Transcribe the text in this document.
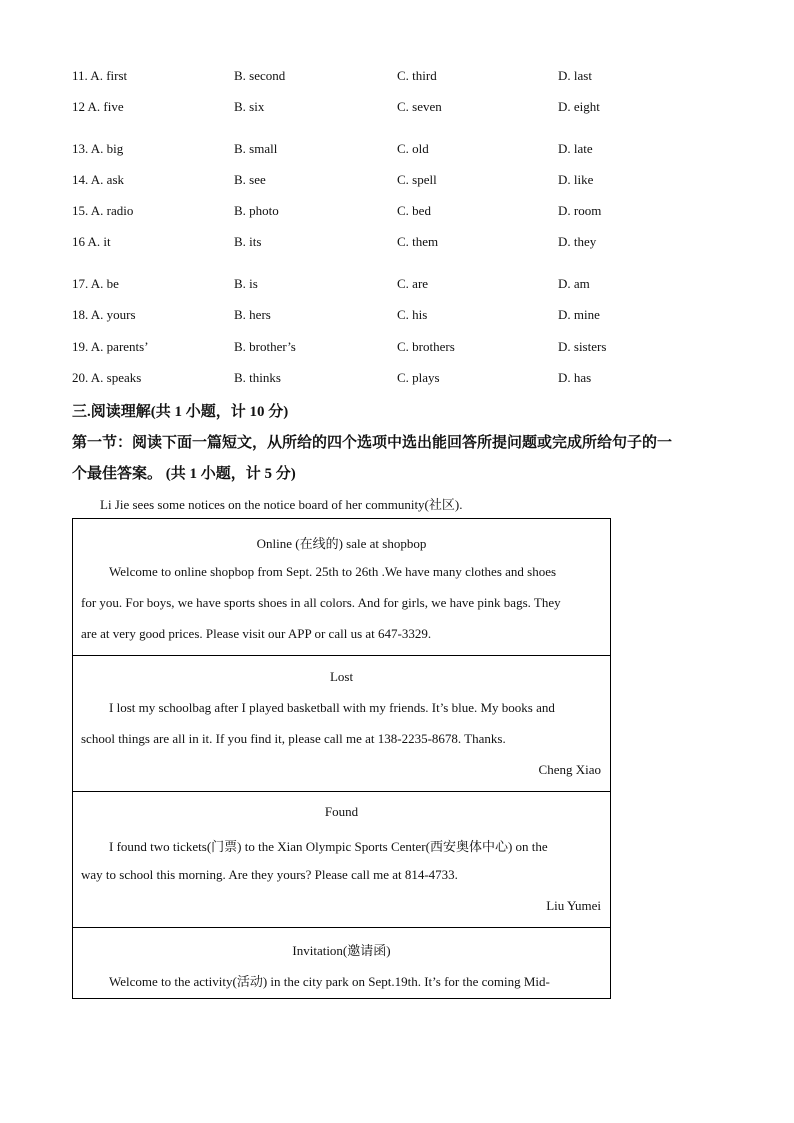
11. A. first	B. second	C. third	D. last
12 A. five	B. six	C. seven	D. eight
13. A. big	B. small	C. old	D. late
14. A. ask	B. see	C. spell	D. like
15. A. radio	B. photo	C. bed	D. room
16 A. it	B. its	C. them	D. they
17. A. be	B. is	C. are	D. am
18. A. yours	B. hers	C. his	D. mine
19. A. parents’	B. brother’s	C. brothers	D. sisters
20. A. speaks	B. thinks	C. plays	D. has
三.阅读理解(共 1 小题，计 10 分)
第一节：阅读下面一篇短文，从所给的四个选项中选出能回答所提问题或完成所给句子的一
个最佳答案。 (共 1 小题，计 5 分)
Li Jie sees some notices on the notice board of her community(社区).
Online (在线的) sale at shopbop
Welcome to online shopbop from Sept. 25th to 26th .We have many clothes and shoes
for you. For boys, we have sports shoes in all colors. And for girls, we have pink bags. They
are at very good prices. Please visit our APP or call us at 647-3329.
Lost
I lost my schoolbag after I played basketball with my friends. It’s blue. My books and
school things are all in it. If you find it, please call me at 138-2235-8678. Thanks.
Cheng Xiao
Found
I found two tickets(门票) to the Xian Olympic Sports Center(西安奥体中心) on the
way to school this morning. Are they yours? Please call me at 814-4733.
Liu Yumei
Invitation(邀请函)
Welcome to the activity(活动) in the city park on Sept.19th. It’s for the coming Mid-
